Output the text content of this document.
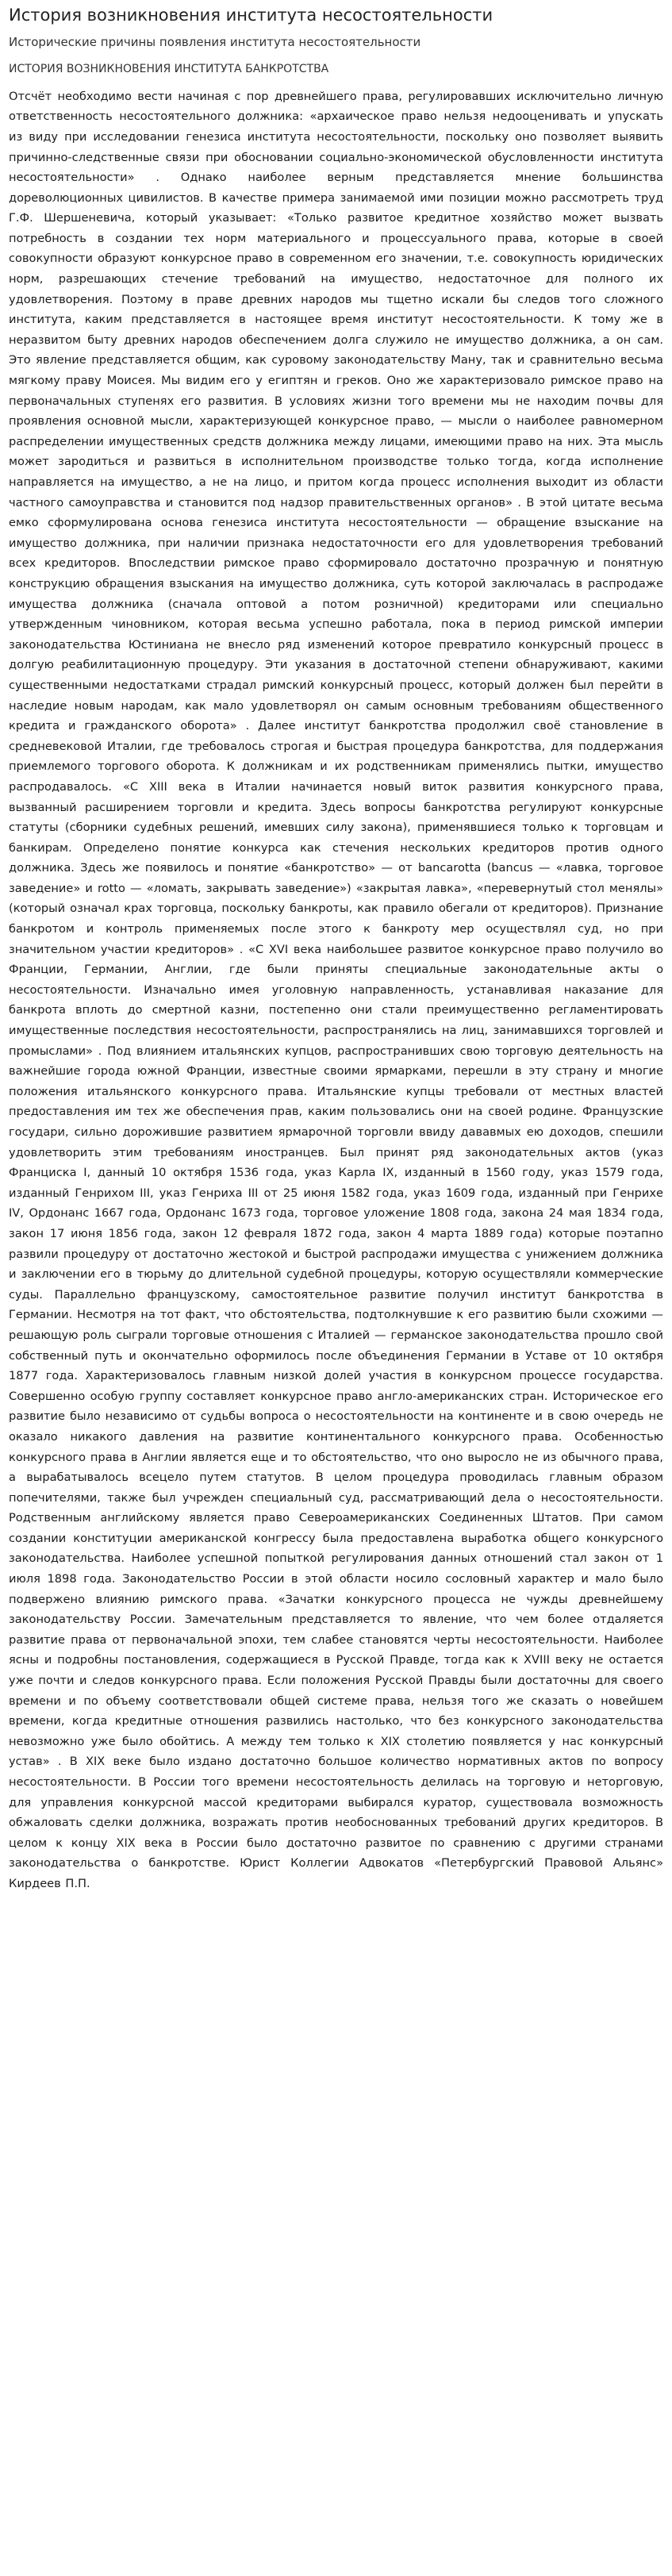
История возникновения института несостоятельности
Исторические причины появления института несостоятельности
ИСТОРИЯ ВОЗНИКНОВЕНИЯ ИНСТИТУТА БАНКРОТСТВА

Отсчёт необходимо вести начиная с пор древнейшего права, регулировавших исключительно личную ответственность несостоятельного должника: «архаическое право нельзя недооценивать и упускать из виду при исследовании генезиса института несостоятельности, поскольку оно позволяет выявить причинно-следственные связи при обосновании социально-экономической обусловленности института несостоятельности» . Однако наиболее верным представляется мнение большинства дореволюционных цивилистов. В качестве примера занимаемой ими позиции можно рассмотреть труд Г.Ф. Шершеневича, который указывает: «Только развитое кредитное хозяйство может вызвать потребность в создании тех норм материального и процессуального права, которые в своей совокупности образуют конкурсное право в современном его значении, т.е. совокупность юридических норм, разрешающих стечение требований на имущество, недостаточное для полного их удовлетворения. Поэтому в праве древних народов мы тщетно искали бы следов того сложного института, каким представляется в настоящее время институт несостоятельности. К тому же в неразвитом быту древних народов обеспечением долга служило не имущество должника, а он сам. Это явление представляется общим, как суровому законодательству Ману, так и сравнительно весьма мягкому праву Моисея. Мы видим его у египтян и греков. Оно же характеризовало римское право на первоначальных ступенях его развития. В условиях жизни того времени мы не находим почвы для проявления основной мысли, характеризующей конкурсное право, — мысли о наиболее равномерном распределении имущественных средств должника между лицами, имеющими право на них. Эта мысль может зародиться и развиться в исполнительном производстве только тогда, когда исполнение направляется на имущество, а не на лицо, и притом когда процесс исполнения выходит из области частного самоуправства и становится под надзор правительственных органов» . В этой цитате весьма емко сформулирована основа генезиса института несостоятельности — обращение взыскание на имущество должника, при наличии признака недостаточности его для удовлетворения требований всех кредиторов. Впоследствии римское право сформировало достаточно прозрачную и понятную конструкцию обращения взыскания на имущество должника, суть которой заключалась в распродаже имущества должника (сначала оптовой а потом розничной) кредиторами или специально утвержденным чиновником, которая весьма успешно работала, пока в период римской империи законодательства Юстиниана не внесло ряд изменений которое превратило конкурсный процесс в долгую реабилитационную процедуру. Эти указания в достаточной степени обнаруживают, какими существенными недостатками страдал римский конкурсный процесс, который должен был перейти в наследие новым народам, как мало удовлетворял он самым основным требованиям общественного кредита и гражданского оборота» . Далее институт банкротства продолжил своё становление в средневековой Италии, где требовалось строгая и быстрая процедура банкротства, для поддержания приемлемого торгового оборота. К должникам и их родственникам применялись пытки, имущество распродавалось. «С XIII века в Италии начинается новый виток развития конкурсного права, вызванный расширением торговли и кредита. Здесь вопросы банкротства регулируют конкурсные статуты (сборники судебных решений, имевших силу закона), применявшиеся только к торговцам и банкирам. Определено понятие конкурса как стечения нескольких кредиторов против одного должника. Здесь же появилось и понятие «банкротство» — от bancarotta (bancus — «лавка, торговое заведение» и rotto — «ломать, закрывать заведение») «закрытая лавка», «перевернутый стол менялы» (который означал крах торговца, поскольку банкроты, как правило обегали от кредиторов). Признание банкротом и контроль применяемых после этого к банкроту мер осуществлял суд, но при значительном участии кредиторов» . «С XVI века наибольшее развитое конкурсное право получило во Франции, Германии, Англии, где были приняты специальные законодательные акты о несостоятельности. Изначально имея уголовную направленность, устанавливая наказание для банкрота вплоть до смертной казни, постепенно они стали преимущественно регламентировать имущественные последствия несостоятельности, распространялись на лиц, занимавшихся торговлей и промыслами» . Под влиянием итальянских купцов, распространивших свою торговую деятельность на важнейшие города южной Франции, известные своими ярмарками, перешли в эту страну и многие положения итальянского конкурсного права. Итальянские купцы требовали от местных властей предоставления им тех же обеспечения прав, каким пользовались они на своей родине. Французские государи, сильно дорожившие развитием ярмарочной торговли ввиду дававмых ею доходов, спешили удовлетворить этим требованиям иностранцев. Был принят ряд законодательных актов (указ Франциска I, данный 10 октября 1536 года, указ Карла IX, изданный в 1560 году, указ 1579 года, изданный Генрихом III, указ Генриха III от 25 июня 1582 года, указ 1609 года, изданный при Генрихе IV, Ордонанс 1667 года, Ордонанс 1673 года, торговое уложение 1808 года, закона 24 мая 1834 года, закон 17 июня 1856 года, закон 12 февраля 1872 года, закон 4 марта 1889 года) которые поэтапно развили процедуру от достаточно жестокой и быстрой распродажи имущества с унижением должника и заключении его в тюрьму до длительной судебной процедуры, которую осуществляли коммерческие суды. Параллельно французскому, самостоятельное развитие получил институт банкротства в Германии. Несмотря на тот факт, что обстоятельства, подтолкнувшие к его развитию были схожими — решающую роль сыграли торговые отношения с Италией — германское законодательства прошло свой собственный путь и окончательно оформилось после объединения Германии в Уставе от 10 октября 1877 года. Характеризовалось главным низкой долей участия в конкурсном процессе государства. Совершенно особую группу составляет конкурсное право англо-американских стран. Историческое его развитие было независимо от судьбы вопроса о несостоятельности на континенте и в свою очередь не оказало никакого давления на развитие континентального конкурсного права. Особенностью конкурсного права в Англии является еще и то обстоятельство, что оно выросло не из обычного права, а вырабатывалось всецело путем статутов. В целом процедура проводилась главным образом попечителями, также был учрежден специальный суд, рассматривающий дела о несостоятельности. Родственным английскому является право Североамериканских Соединенных Штатов. При самом создании конституции американской конгрессу была предоставлена выработка общего конкурсного законодательства. Наиболее успешной попыткой регулирования данных отношений стал закон от 1 июля 1898 года. Законодательство России в этой области носило сословный характер и мало было подвержено влиянию римского права. «Зачатки конкурсного процесса не чужды древнейшему законодательству России. Замечательным представляется то явление, что чем более отдаляется развитие права от первоначальной эпохи, тем слабее становятся черты несостоятельности. Наиболее ясны и подробны постановления, содержащиеся в Русской Правде, тогда как к XVIII веку не остается уже почти и следов конкурсного права. Если положения Русской Правды были достаточны для своего времени и по объему соответствовали общей системе права, нельзя того же сказать о новейшем времени, когда кредитные отношения развились настолько, что без конкурсного законодательства невозможно уже было обойтись. А между тем только к XIX столетию появляется у нас конкурсный устав» . В XIX веке было издано достаточно большое количество нормативных актов по вопросу несостоятельности. В России того времени несостоятельность делилась на торговую и неторговую, для управления конкурсной массой кредиторами выбирался куратор, существовала возможность обжаловать сделки должника, возражать против необоснованных требований других кредиторов. В целом к концу XIX века в России было достаточно развитое по сравнению с другими странами законодательства о банкротстве. Юрист Коллегии Адвокатов «Петербургский Правовой Альянс» Кирдеев П.П.
